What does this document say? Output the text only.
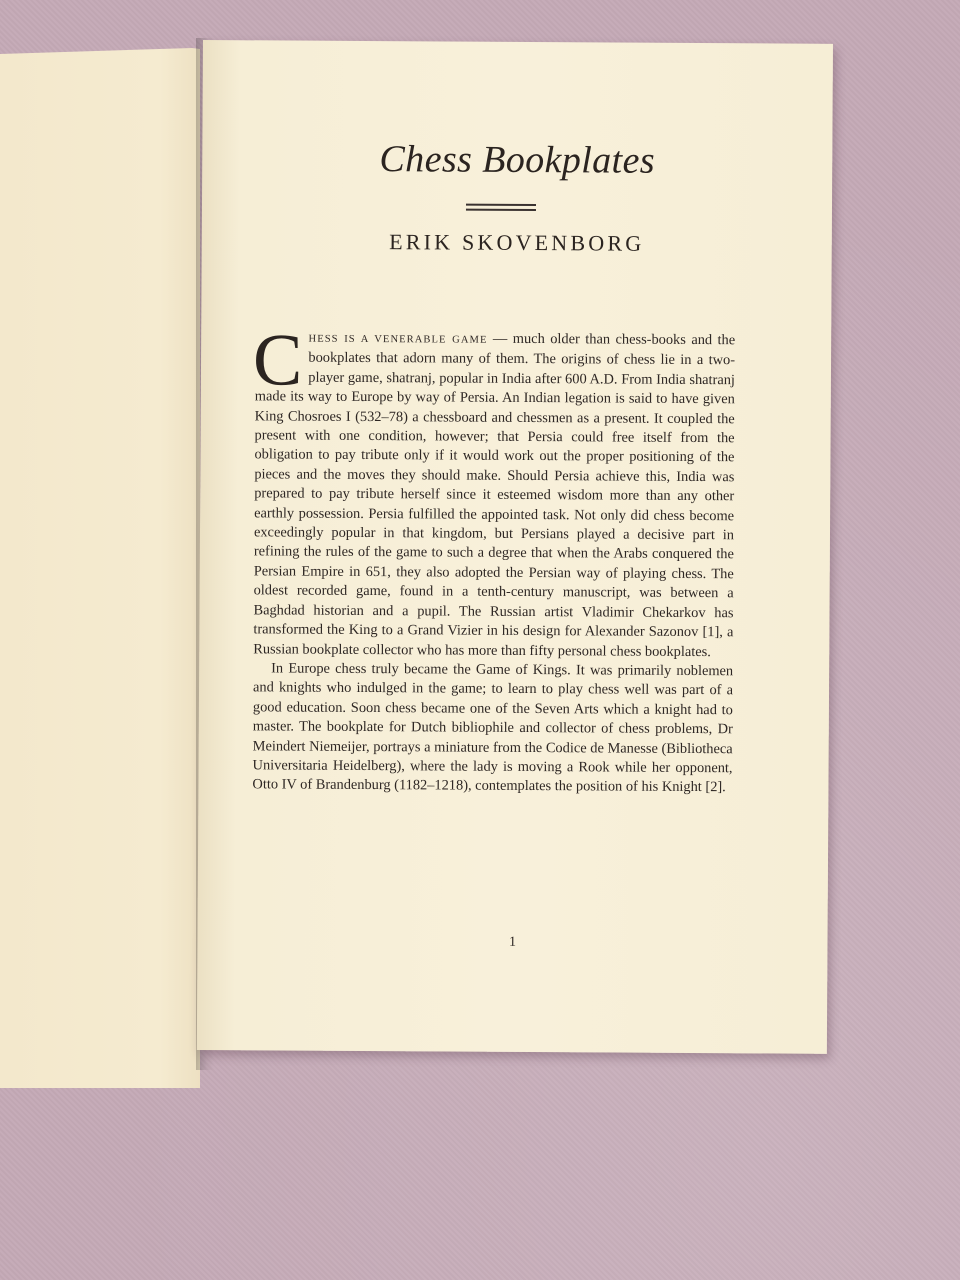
Chess Bookplates
ERIK SKOVENBORG

CHESS IS A VENERABLE GAME — much older than chess-books and the bookplates that adorn many of them. The origins of chess lie in a two-player game, shatranj, popular in India after 600 A.D. From India shatranj made its way to Europe by way of Persia. An Indian legation is said to have given King Chosroes I (532–78) a chessboard and chessmen as a present. It coupled the present with one condition, however; that Persia could free itself from the obligation to pay tribute only if it would work out the proper positioning of the pieces and the moves they should make. Should Persia achieve this, India was prepared to pay tribute herself since it esteemed wisdom more than any other earthly possession. Persia fulfilled the appointed task. Not only did chess become exceedingly popular in that kingdom, but Persians played a decisive part in refining the rules of the game to such a degree that when the Arabs conquered the Persian Empire in 651, they also adopted the Persian way of playing chess. The oldest recorded game, found in a tenth-century manuscript, was between a Baghdad historian and a pupil. The Russian artist Vladimir Chekarkov has transformed the King to a Grand Vizier in his design for Alexander Sazonov [1], a Russian bookplate collector who has more than fifty personal chess bookplates.

In Europe chess truly became the Game of Kings. It was primarily noblemen and knights who indulged in the game; to learn to play chess well was part of a good education. Soon chess became one of the Seven Arts which a knight had to master. The bookplate for Dutch bibliophile and collector of chess problems, Dr Meindert Niemeijer, portrays a miniature from the Codice de Manesse (Bibliotheca Universitaria Heidelberg), where the lady is moving a Rook while her opponent, Otto IV of Brandenburg (1182–1218), contemplates the position of his Knight [2].

1
